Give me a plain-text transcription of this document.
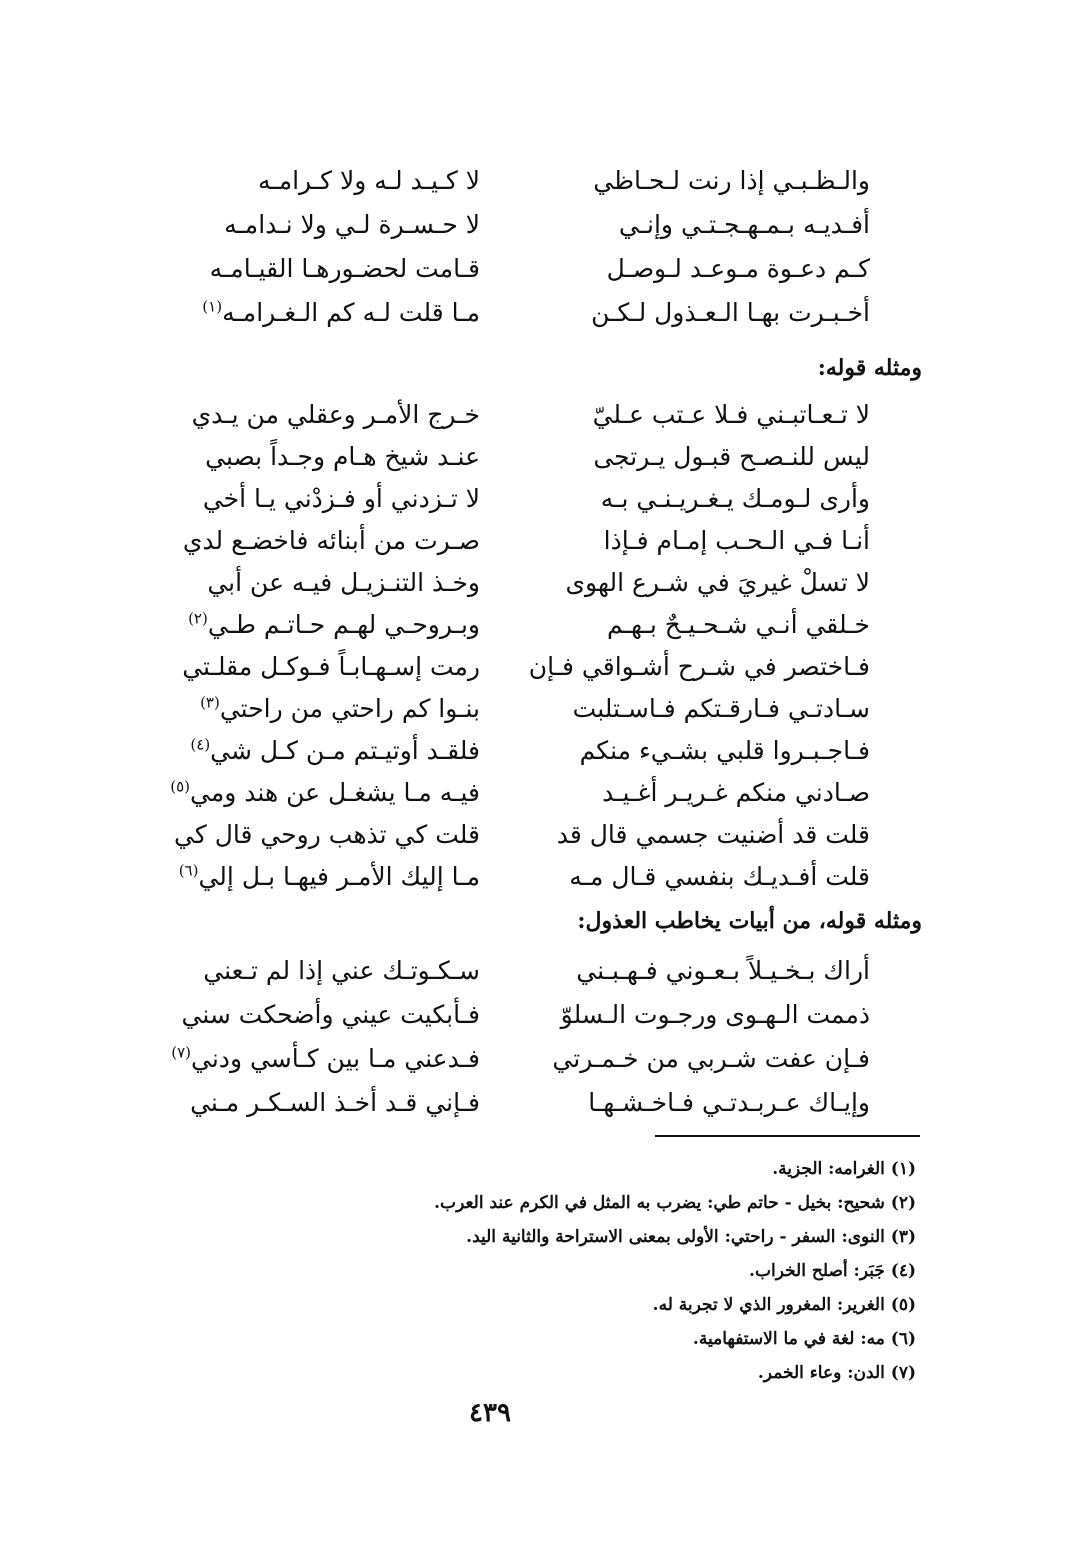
والـظـبـي إذا رنت لـحـاظي
لا كـيـد لـه ولا كـرامـه
أفـديـه بـمـهـجـتـي وإنـي
لا حـسـرة لـي ولا نـدامـه
كـم دعـوة مـوعـد لـوصـل
قـامت لحضـورهـا القيـامـه
أخـبـرت بهـا الـعـذول لـكـن
مـا قلت لـه كم الـغـرامـه$^{(١)}$
ومثله قوله:
لا تـعـاتبـني فـلا عـتب عـليّ
خـرج الأمـر وعقلي من يـدي
ليس للنـصـح قبـول يـرتجى
عنـد شيخ هـام وجـداً بصبي
وأرى لـومـك يـغـريـنـي بـه
لا تـزدني أو فـزدْني يـا أخي
أنـا فـي الـحـب إمـام فـإذا
صـرت من أبنائه فاخضـع لدي
لا تسلْ غيريَ في شـرع الهوى
وخـذ التنـزيـل فيـه عن أبي
خـلقي أنـي شـحـيـحٌ بـهـم
وبـروحـي لهـم حـاتـم طـي$^{(٢)}$
فـاختصر في شـرح أشـواقي فـإن
رمت إسـهـابـاً فـوكـل مقلـتي
سـادتـي فـارقـتكم فـاسـتلبت
بنـوا كم راحتي من راحتي$^{(٣)}$
فـاجـبـروا قلبي بشـيء منكم
فلقـد أوتيـتم مـن كـل شي$^{(٤)}$
صـادني منكم غـريـر أغـيـد
فيـه مـا يشغـل عن هند ومي$^{(٥)}$
قلت قد أضنيت جسمي قال قد
قلت كي تذهب روحي قال كي
قلت أفـديـك بنفسي قـال مـه
مـا إليك الأمـر فيهـا بـل إلي$^{(٦)}$
ومثله قوله، من أبيات يخاطب العذول:
أراك بـخـيـلاً بـعـوني فـهـبـني
سـكـوتـك عني إذا لم تـعني
ذممت الـهـوى ورجـوت الـسلوّ
فـأبكيت عيني وأضحكت سني
فـإن عفت شـربي من خـمـرتي
فـدعني مـا بين كـأسي ودني$^{(٧)}$
وإيـاك عـربـدتـي فـاخـشـهـا
فـإني قـد أخـذ السـكـر مـني
(١) الغرامه: الجزية.
(٢) شحيح: بخيل - حاتم طي: يضرب به المثل في الكرم عند العرب.
(٣) النوى: السفر - راحتي: الأولى بمعنى الاستراحة والثانية اليد.
(٤) جَبَر: أصلح الخراب.
(٥) الغرير: المغرور الذي لا تجربة له.
(٦) مه: لغة في ما الاستفهامية.
(٧) الدن: وعاء الخمر.
٤٣٩
